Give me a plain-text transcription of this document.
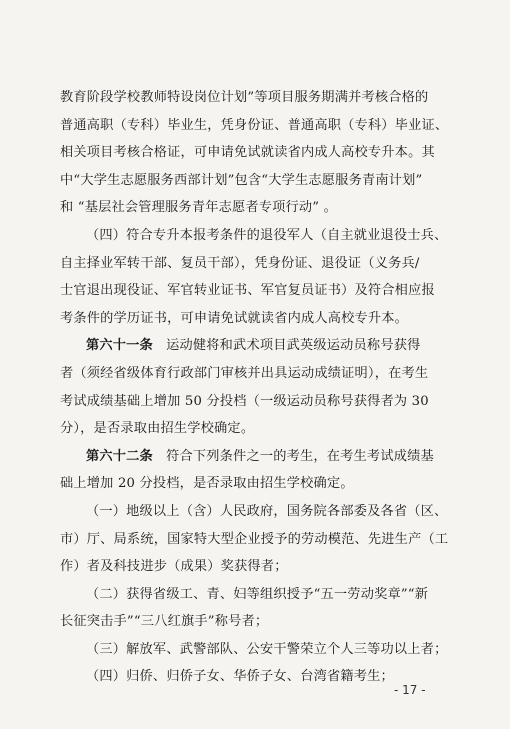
教育阶段学校教师特设岗位计划”等项目服务期满并考核合格的
普通高职（专科）毕业生，凭身份证、普通高职（专科）毕业证、
相关项目考核合格证，可申请免试就读省内成人高校专升本。其
中“大学生志愿服务西部计划”包含“大学生志愿服务青南计划”
和 “基层社会管理服务青年志愿者专项行动” 。
（四）符合专升本报考条件的退役军人（自主就业退役士兵、
自主择业军转干部、复员干部），凭身份证、退役证（义务兵/
士官退出现役证、军官转业证书、军官复员证书）及符合相应报
考条件的学历证书，可申请免试就读省内成人高校专升本。
第六十一条 运动健将和武术项目武英级运动员称号获得
者（须经省级体育行政部门审核并出具运动成绩证明），在考生
考试成绩基础上增加 50 分投档（一级运动员称号获得者为 30
分），是否录取由招生学校确定。
第六十二条 符合下列条件之一的考生，在考生考试成绩基
础上增加 20 分投档，是否录取由招生学校确定。
（一）地级以上（含）人民政府，国务院各部委及各省（区、
市）厅、局系统，国家特大型企业授予的劳动模范、先进生产（工
作）者及科技进步（成果）奖获得者；
（二）获得省级工、青、妇等组织授予“五一劳动奖章”“新
长征突击手”“三八红旗手”称号者；
（三）解放军、武警部队、公安干警荣立个人三等功以上者；
（四）归侨、归侨子女、华侨子女、台湾省籍考生；
- 17 -
